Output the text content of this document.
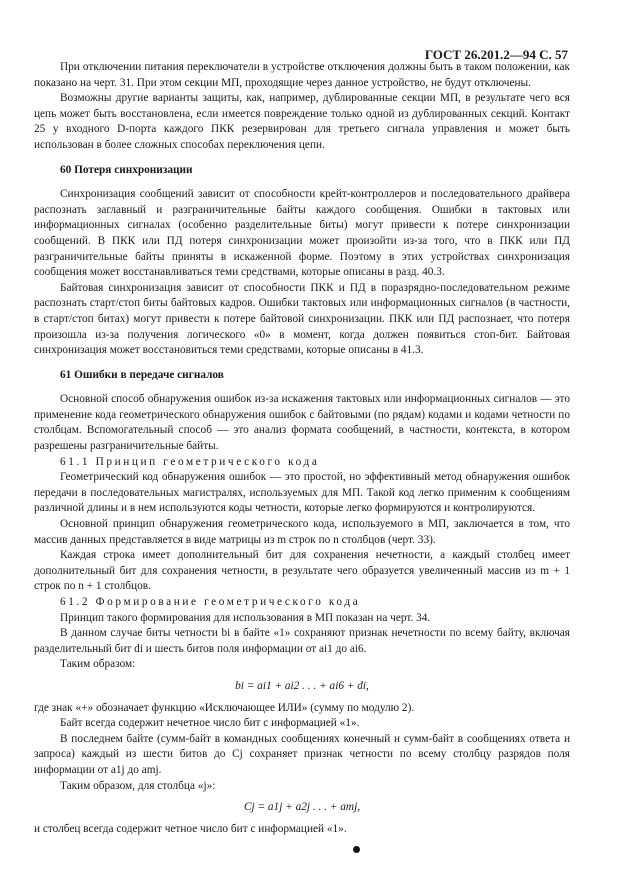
ГОСТ 26.201.2—94 С. 57

При отключении питания переключатели в устройстве отключения должны быть в таком положении, как показано на черт. 31. При этом секции МП, проходящие через данное устройство, не будут отключены.

Возможны другие варианты защиты, как, например, дублированные секции МП, в результате чего вся цепь может быть восстановлена, если имеется повреждение только одной из дублированных секций. Контакт 25 у входного D-порта каждого ПКК резервирован для третьего сигнала управления и может быть использован в более сложных способах переключения цепи.

60 Потеря синхронизации

Синхронизация сообщений зависит от способности крейт-контроллеров и последовательного драйвера распознать заглавный и разграничительные байты каждого сообщения. Ошибки в тактовых или информационных сигналах (особенно разделительные биты) могут привести к потере синхронизации сообщений. В ПКК или ПД потеря синхронизации может произойти из-за того, что в ПКК или ПД разграничительные байты приняты в искаженной форме. Поэтому в этих устройствах синхронизация сообщения может восстанавливаться теми средствами, которые описаны в разд. 40.3.

Байтовая синхронизация зависит от способности ПКК и ПД в поразрядно-последовательном режиме распознать старт/стоп биты байтовых кадров. Ошибки тактовых или информационных сигналов (в частности, в старт/стоп битах) могут привести к потере байтовой синхронизации. ПКК или ПД распознает, что потеря произошла из-за получения логического «0» в момент, когда должен появиться стоп-бит. Байтовая синхронизация может восстановиться теми средствами, которые описаны в 41.3.

61 Ошибки в передаче сигналов

Основной способ обнаружения ошибок из-за искажения тактовых или информационных сигналов — это применение кода геометрического обнаружения ошибок с байтовыми (по рядам) кодами и кодами четности по столбцам. Вспомогательный способ — это анализ формата сообщений, в частности, контекста, в котором разрешены разграничительные байты.

61.1 Принцип геометрического кода

Геометрический код обнаружения ошибок — это простой, но эффективный метод обнаружения ошибок передачи в последовательных магистралях, используемых для МП. Такой код легко применим к сообщениям различной длины и в нем используются коды четности, которые легко формируются и контролируются.

Основной принцип обнаружения геометрического кода, используемого в МП, заключается в том, что массив данных представляется в виде матрицы из m строк по n столбцов (черт. 33).

Каждая строка имеет дополнительный бит для сохранения нечетности, а каждый столбец имеет дополнительный бит для сохранения четности, в результате чего образуется увеличенный массив из m + 1 строк по n + 1 столбцов.

61.2 Формирование геометрического кода

Принцип такого формирования для использования в МП показан на черт. 34.

В данном случае биты четности bi в байте «1» сохраняют признак нечетности по всему байту, включая разделительный бит di и шесть битов поля информации от ai1 до ai6.

Таким образом:

bi = ai1 + ai2 . . . + ai6 + di,

где знак «+» обозначает функцию «Исключающее ИЛИ» (сумму по модулю 2).

Байт всегда содержит нечетное число бит с информацией «1».

В последнем байте (сумм-байт в командных сообщениях конечный и сумм-байт в сообщениях ответа и запроса) каждый из шести битов до Cj сохраняет признак четности по всему столбцу разрядов поля информации от a1j до amj.

Таким образом, для столбца «j»:

Cj = a1j + a2j . . . + amj,

и столбец всегда содержит четное число бит с информацией «1».
